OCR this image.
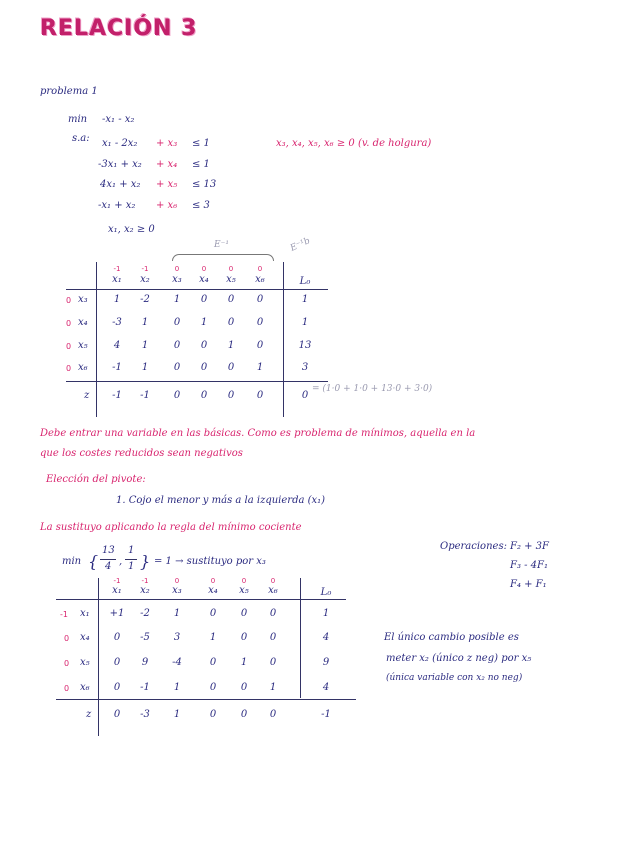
RELACIÓN 3
problema 1
min -x₁ - x₂
s.a: x₁ - 2x₂ + x₃ ≤ 1
-3x₁ + x₂ + x₄ ≤ 1
4x₁ + x₂ + x₅ ≤ 13
-x₁ + x₂ + x₆ ≤ 3
x₁, x₂ ≥ 0
x₃, x₄, x₅, x₆ ≥ 0 (v. de holgura)
E⁻¹	E⁻¹b
-1	-1	0	0	0	0
x₁	x₂	x₃	x₄	x₅	x₆	L₀
0 x₃	1	-2	1	0	0	0	1
0 x₄	-3	1	0	1	0	0	1
0 x₅	4	1	0	0	1	0	13
0 x₆	-1	1	0	0	0	1	3
z	-1	-1	0	0	0	0	0
= (1·0 + 1·0 + 13·0 + 3·0)
Debe entrar una variable en las básicas. Como es problema de mínimos, aquella en la
que los costes reducidos sean negativos
Elección del pivote:
1. Cojo el menor y más a la izquierda (x₁)
La sustituyo aplicando la regla del mínimo cociente
min {
13
4 ,
1
1 } = 1 → sustituyo por x₃
Operaciones: F₂ + 3F
F₃ - 4F₁
F₄ + F₁
-1	-1	0	0	0	0
x₁	x₂	x₃	x₄	x₅	x₆	L₀
-1 x₁	+1	-2	1	0	0	0	1
0 x₄	0	-5	3	1	0	0	4
0 x₅	0	9	-4	0	1	0	9
0 x₆	0	-1	1	0	0	1	4
z	0	-3	1	0	0	0	-1
El único cambio posible es
meter x₂ (único z neg) por x₅
(única variable con x₂ no neg)
